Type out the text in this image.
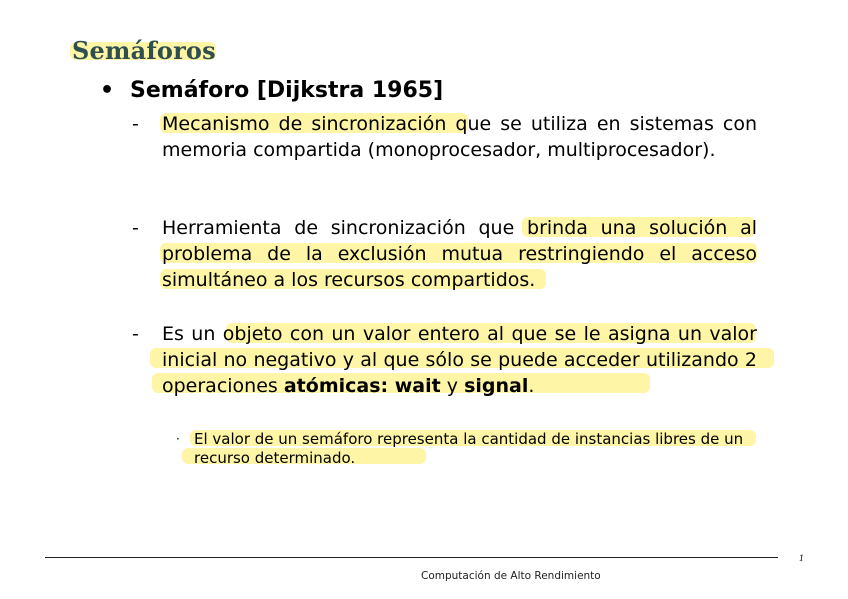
Semáforos
• Semáforo [Dijkstra 1965]
- Mecanismo de sincronización que se utiliza en sistemas con memoria compartida (monoprocesador, multiprocesador).
- Herramienta de sincronización que brinda una solución al problema de la exclusión mutua restringiendo el acceso simultáneo a los recursos compartidos.
- Es un objeto con un valor entero al que se le asigna un valor inicial no negativo y al que sólo se puede acceder utilizando 2 operaciones atómicas: wait y signal.
· El valor de un semáforo representa la cantidad de instancias libres de un recurso determinado.
1
Computación de Alto Rendimiento
